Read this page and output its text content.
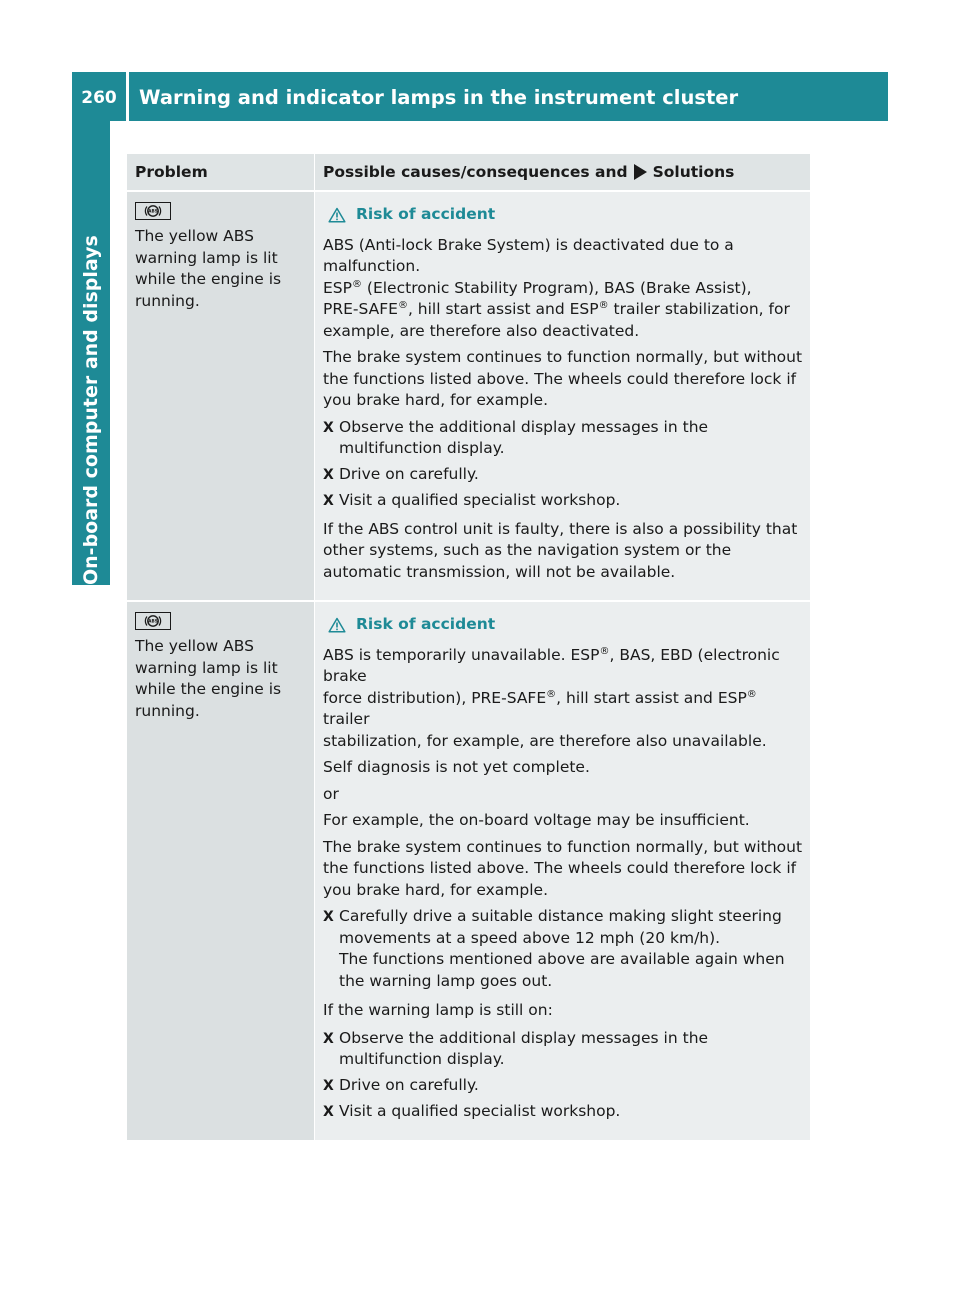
260	Warning and indicator lamps in the instrument cluster
On-board computer and displays
Problem	Possible causes/consequences and Solutions
ABS
The yellow ABS warning lamp is lit while the engine is running.
Risk of accident
ABS (Anti-lock Brake System) is deactivated due to a malfunction.
ESP® (Electronic Stability Program), BAS (Brake Assist),
PRE-SAFE®, hill start assist and ESP® trailer stabilization, for
example, are therefore also deactivated.
The brake system continues to function normally, but without the functions listed above. The wheels could therefore lock if you brake hard, for example.
X Observe the additional display messages in the multifunction display.
X Drive on carefully.
X Visit a qualified specialist workshop.
If the ABS control unit is faulty, there is also a possibility that other systems, such as the navigation system or the automatic transmission, will not be available.
ABS
The yellow ABS warning lamp is lit while the engine is running.
Risk of accident
ABS is temporarily unavailable. ESP®, BAS, EBD (electronic brake
force distribution), PRE-SAFE®, hill start assist and ESP® trailer
stabilization, for example, are therefore also unavailable.
Self diagnosis is not yet complete.
or
For example, the on-board voltage may be insufficient.
The brake system continues to function normally, but without the functions listed above. The wheels could therefore lock if you brake hard, for example.
X Carefully drive a suitable distance making slight steering movements at a speed above 12 mph (20 km/h).
The functions mentioned above are available again when the warning lamp goes out.
If the warning lamp is still on:
X Observe the additional display messages in the multifunction display.
X Drive on carefully.
X Visit a qualified specialist workshop.
